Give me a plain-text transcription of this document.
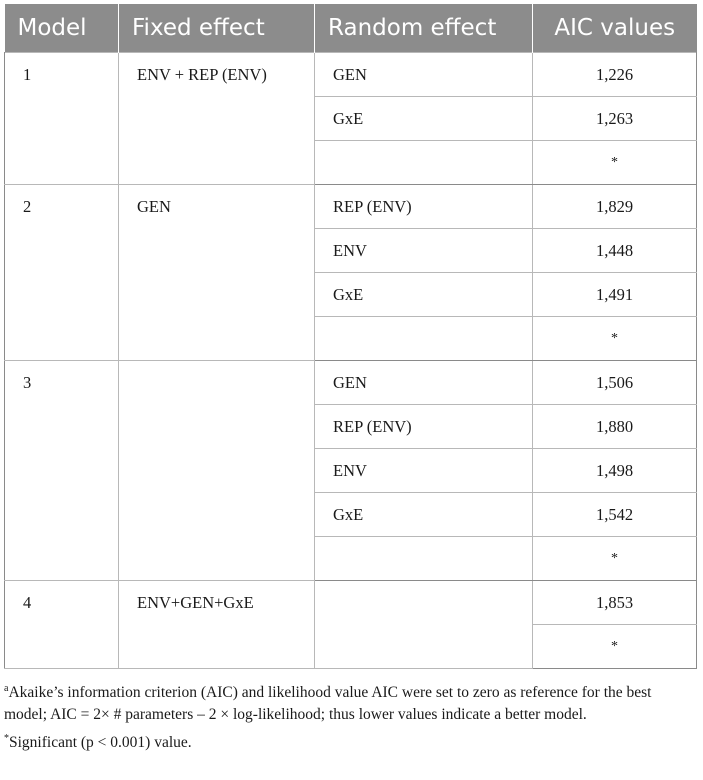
Model	Fixed effect	Random effect	AIC values
1	ENV + REP (ENV)	GEN	1,226
		GxE	1,263
			*
2	GEN	REP (ENV)	1,829
		ENV	1,448
		GxE	1,491
			*
3		GEN	1,506
		REP (ENV)	1,880
		ENV	1,498
		GxE	1,542
			*
4	ENV+GEN+GxE		1,853
			*

$^a$Akaike’s information criterion (AIC) and likelihood value AIC were set to zero as reference for the best model; AIC = 2× # parameters – 2 × log-likelihood; thus lower values indicate a better model.

*Significant (p < 0.001) value.
